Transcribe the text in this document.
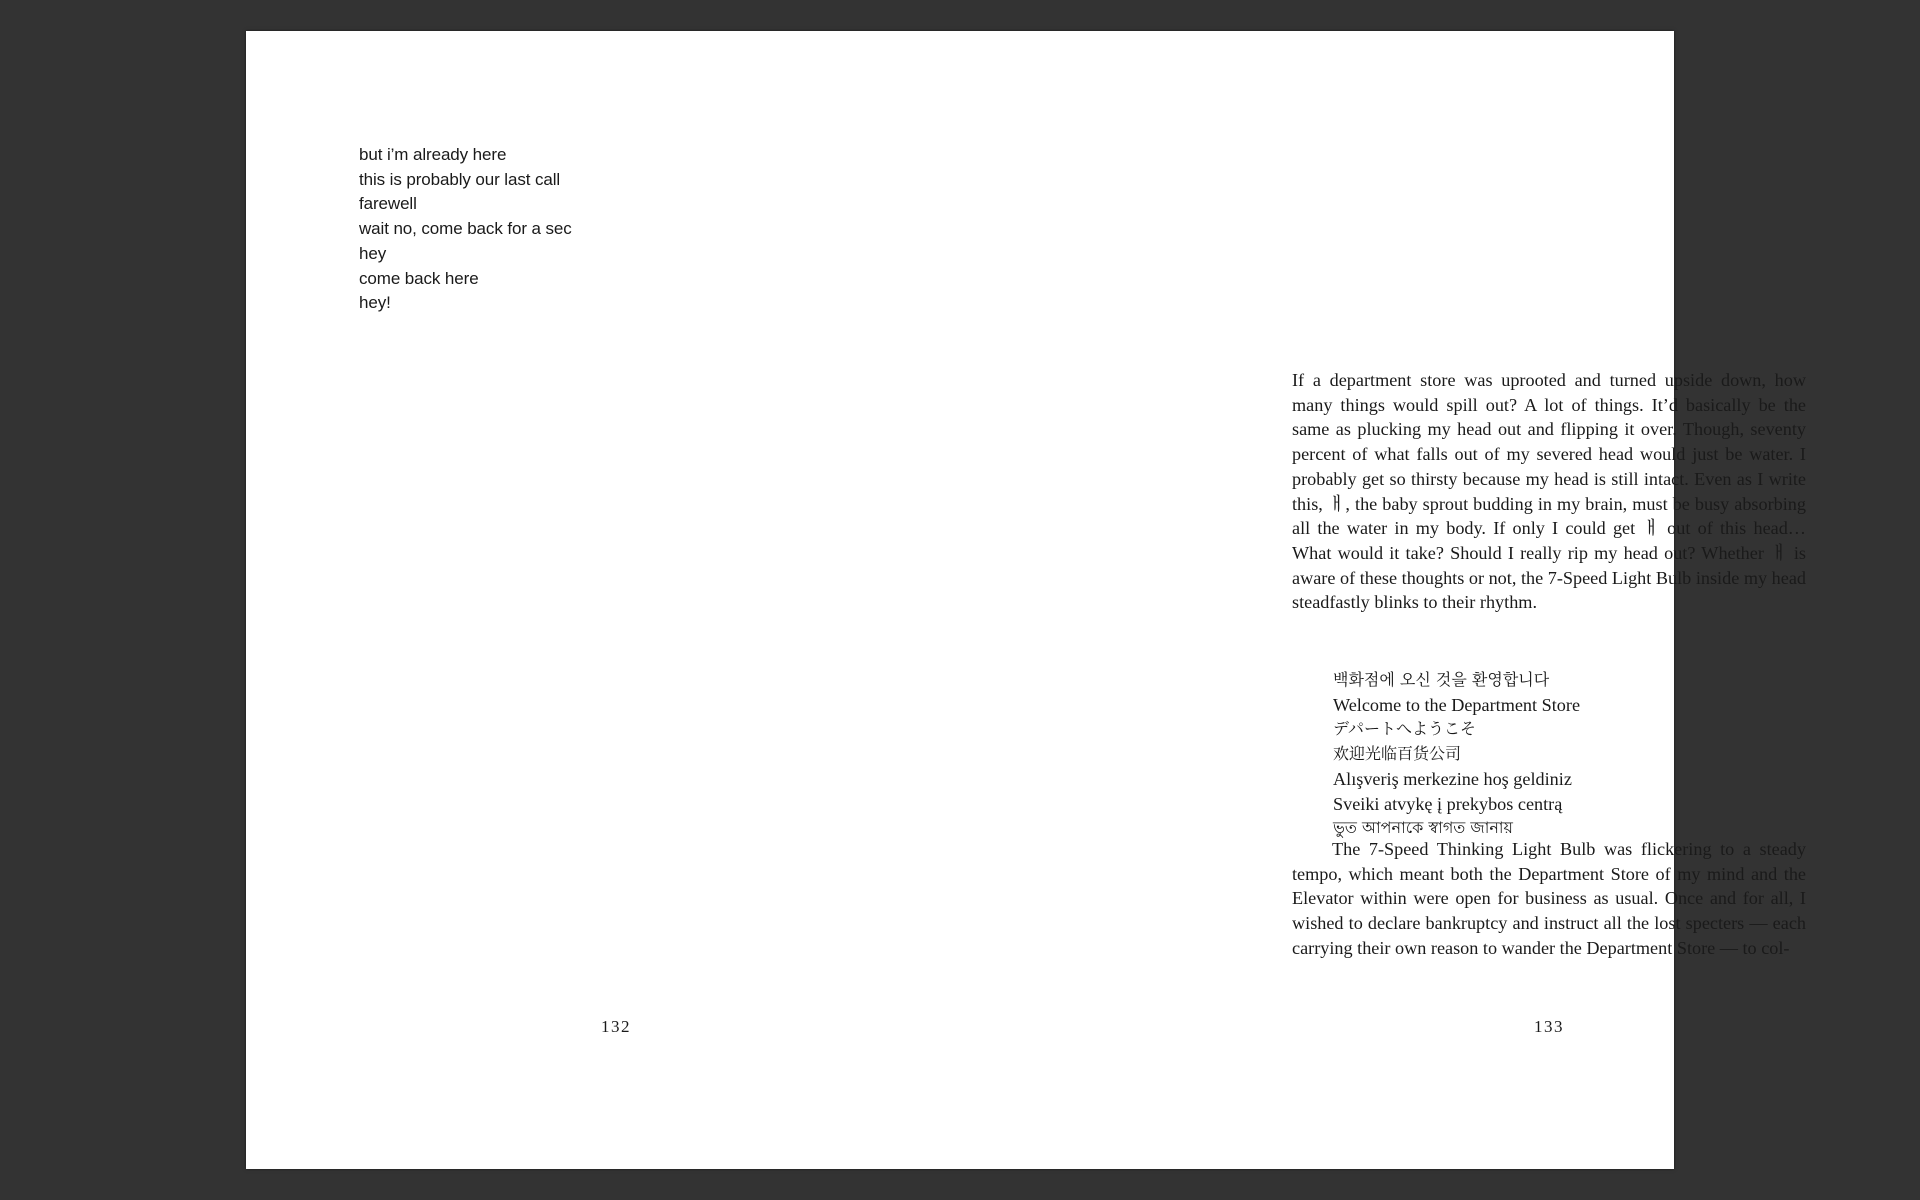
but i’m already here
this is probably our last call
farewell
wait no, come back for a sec
hey
come back here
hey!
132

If a department store was uprooted and turned upside down, how many things would spill out? A lot of things. It’d basically be the same as plucking my head out and flipping it over. Though, seventy percent of what falls out of my severed head would just be water. I probably get so thirsty because my head is still intact. Even as I write this, ㅐ, the baby sprout budding in my brain, must be busy absorbing all the water in my body. If only I could get ㅐ out of this head… What would it take? Should I really rip my head out? Whether ㅐ is aware of these thoughts or not, the 7-Speed Light Bulb inside my head steadfastly blinks to their rhythm.

백화점에 오신 것을 환영합니다
Welcome to the Department Store
デパートへようこそ
欢迎光临百货公司
Alışveriş merkezine hoş geldiniz
Sveiki atvykę į prekybos centrą
ভুত আপনাকে স্বাগত জানায়

The 7-Speed Thinking Light Bulb was flickering to a steady tempo, which meant both the Department Store of my mind and the Elevator within were open for business as usual. Once and for all, I wished to declare bankruptcy and instruct all the lost specters — each carrying their own reason to wander the Department Store — to col-

133
